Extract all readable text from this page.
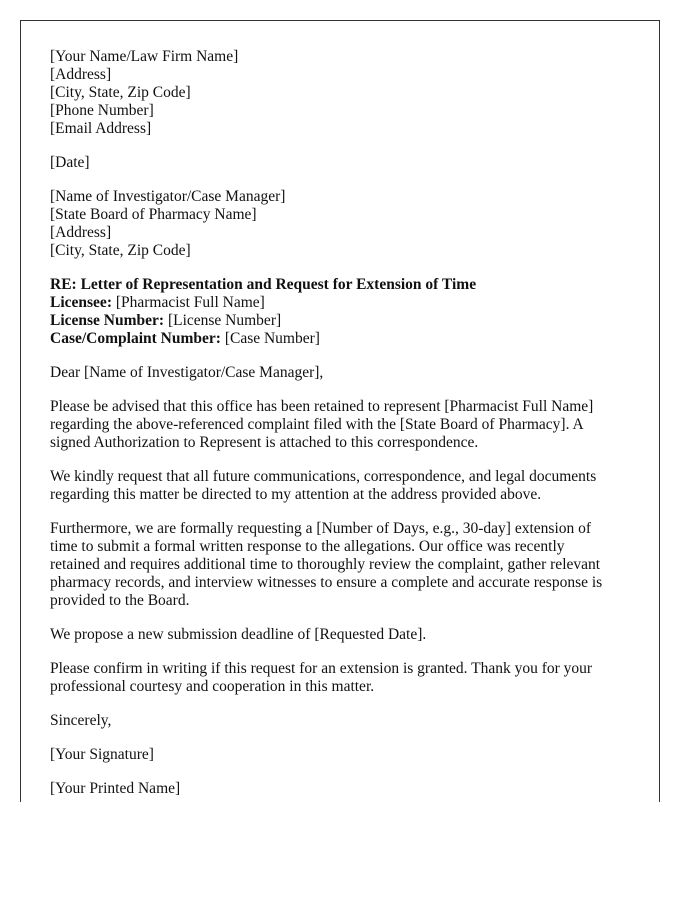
[Your Name/Law Firm Name]
[Address]
[City, State, Zip Code]
[Phone Number]
[Email Address]
[Date]
[Name of Investigator/Case Manager]
[State Board of Pharmacy Name]
[Address]
[City, State, Zip Code]
RE: Letter of Representation and Request for Extension of Time
Licensee: [Pharmacist Full Name]
License Number: [License Number]
Case/Complaint Number: [Case Number]
Dear [Name of Investigator/Case Manager],
Please be advised that this office has been retained to represent [Pharmacist Full Name]
regarding the above-referenced complaint filed with the [State Board of Pharmacy]. A
signed Authorization to Represent is attached to this correspondence.
We kindly request that all future communications, correspondence, and legal documents
regarding this matter be directed to my attention at the address provided above.
Furthermore, we are formally requesting a [Number of Days, e.g., 30-day] extension of
time to submit a formal written response to the allegations. Our office was recently
retained and requires additional time to thoroughly review the complaint, gather relevant
pharmacy records, and interview witnesses to ensure a complete and accurate response is
provided to the Board.
We propose a new submission deadline of [Requested Date].
Please confirm in writing if this request for an extension is granted. Thank you for your
professional courtesy and cooperation in this matter.
Sincerely,
[Your Signature]
[Your Printed Name]
